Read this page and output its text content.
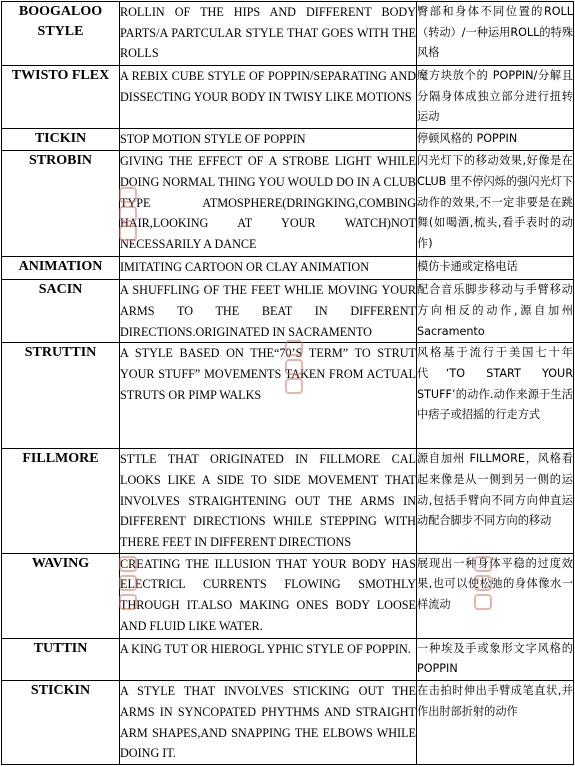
BOOGALOO STYLE	ROLLIN OF THE HIPS AND DIFFERENT BODY PARTS/A PARTCULAR STYLE THAT GOES WITH THE ROLLS	臀部和身体不同位置的ROLL（转动）/一种运用ROLL的特殊风格
TWISTO FLEX	A REBIX CUBE STYLE OF POPPIN/SEPARATING AND DISSECTING YOUR BODY IN TWISY LIKE MOTIONS	魔方块放个的 POPPIN/分解且分隔身体成独立部分进行扭转运动
TICKIN	STOP MOTION STYLE OF POPPIN	停顿风格的 POPPIN
STROBIN	GIVING THE EFFECT OF A STROBE LIGHT WHILE DOING NORMAL THING YOU WOULD DO IN A CLUB TYPE ATMOSPHERE(DRINGKING,COMBING HAIR,LOOKING AT YOUR WATCH)NOT NECESSARILY A DANCE	闪光灯下的移动效果,好像是在 CLUB 里不停闪烁的强闪光灯下动作的效果,不一定非要是在跳舞(如喝酒,梳头,看手表时的动作)
ANIMATION	IMITATING CARTOON OR CLAY ANIMATION	模仿卡通或定格电话
SACIN	A SHUFFLING OF THE FEET WHLIE MOVING YOUR ARMS TO THE BEAT IN DIFFERENT DIRECTIONS.ORIGINATED IN SACRAMENTO	配合音乐脚步移动与手臂移动方向相反的动作,源自加州 Sacramento
STRUTTIN	A STYLE BASED ON THE“70’S TERM” TO STRUT YOUR STUFF” MOVEMENTS TAKEN FROM ACTUAL STRUTS OR PIMP WALKS	风格基于流行于美国七十年代‘TO START YOUR STUFF’的动作.动作来源于生活中痞子或招摇的行走方式
FILLMORE	STTLE THAT ORIGINATED IN FILLMORE CAL LOOKS LIKE A SIDE TO SIDE MOVEMENT THAT INVOLVES STRAIGHTENING OUT THE ARMS IN DIFFERENT DIRECTIONS WHILE STEPPING WITH THERE FEET IN DIFFERENT DIRECTIONS	源自加州 FILLMORE，风格看起来像是从一侧到另一侧的运动,包括手臂向不同方向伸直运动配合脚步不同方向的移动
WAVING	CREATING THE ILLUSION THAT YOUR BODY HAS ELECTRICL CURRENTS FLOWING SMOTHLY THROUGH IT.ALSO MAKING ONES BODY LOOSE AND FLUID LIKE WATER.	展现出一种身体平稳的过度效果,也可以使松弛的身体像水一样流动
TUTTIN	A KING TUT OR HIEROGL YPHIC STYLE OF POPPIN.	一种埃及手或象形文字风格的 POPPIN
STICKIN	A STYLE THAT INVOLVES STICKING OUT THE ARMS IN SYNCOPATED PHYTHMS AND STRAIGHT ARM SHAPES,AND SNAPPING THE ELBOWS WHILE DOING IT.	在击拍时伸出手臂成笔直状,并作出肘部折射的动作
